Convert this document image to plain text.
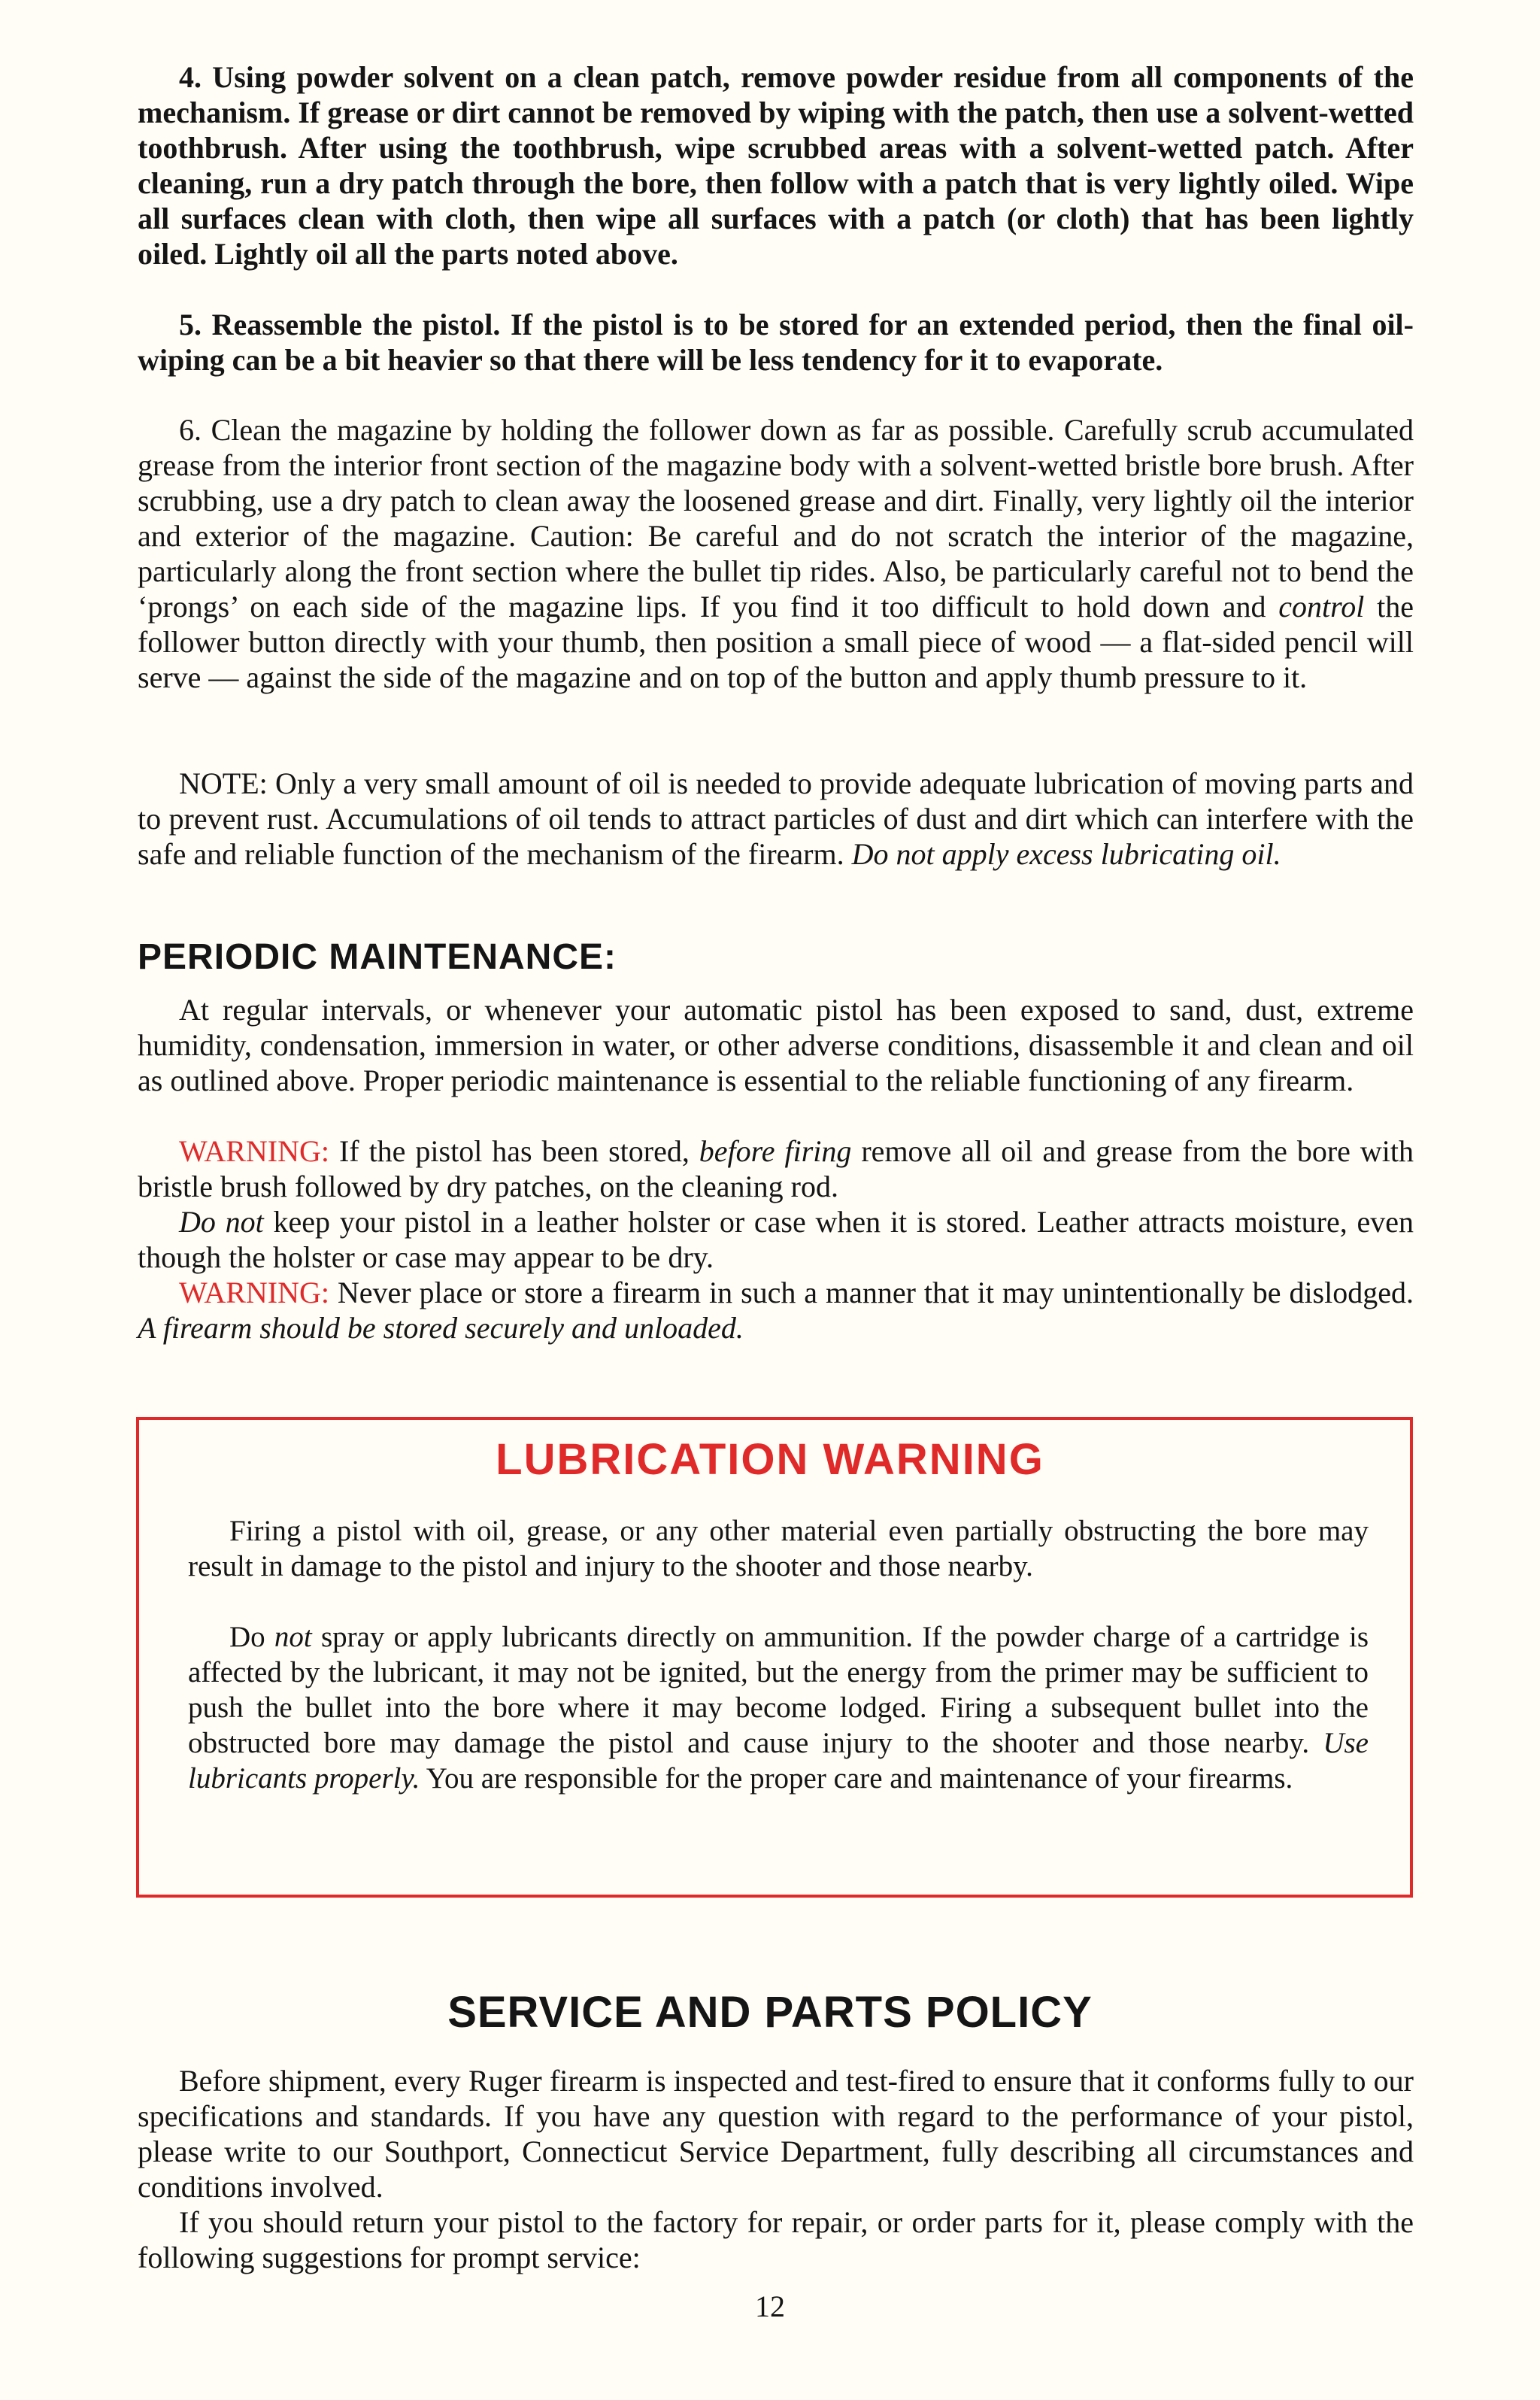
4. Using powder solvent on a clean patch, remove powder residue from all components of the mechanism. If grease or dirt cannot be removed by wiping with the patch, then use a solvent-wetted toothbrush. After using the toothbrush, wipe scrubbed areas with a solvent-wetted patch. After cleaning, run a dry patch through the bore, then follow with a patch that is very lightly oiled. Wipe all surfaces clean with cloth, then wipe all surfaces with a patch (or cloth) that has been lightly oiled. Lightly oil all the parts noted above.

5. Reassemble the pistol. If the pistol is to be stored for an extended period, then the final oil-wiping can be a bit heavier so that there will be less tendency for it to evaporate.

6. Clean the magazine by holding the follower down as far as possible. Carefully scrub accumulated grease from the interior front section of the magazine body with a solvent-wetted bristle bore brush. After scrubbing, use a dry patch to clean away the loosened grease and dirt. Finally, very lightly oil the interior and exterior of the magazine. Caution: Be careful and do not scratch the interior of the magazine, particularly along the front section where the bullet tip rides. Also, be particularly careful not to bend the ‘prongs’ on each side of the magazine lips. If you find it too difficult to hold down and control the follower button directly with your thumb, then position a small piece of wood — a flat-sided pencil will serve — against the side of the magazine and on top of the button and apply thumb pressure to it.

NOTE: Only a very small amount of oil is needed to provide adequate lubrication of moving parts and to prevent rust. Accumulations of oil tends to attract particles of dust and dirt which can interfere with the safe and reliable function of the mechanism of the firearm. Do not apply excess lubricating oil.

PERIODIC MAINTENANCE:

At regular intervals, or whenever your automatic pistol has been exposed to sand, dust, extreme humidity, condensation, immersion in water, or other adverse conditions, disassemble it and clean and oil as outlined above. Proper periodic maintenance is essential to the reliable functioning of any firearm.

WARNING: If the pistol has been stored, before firing remove all oil and grease from the bore with bristle brush followed by dry patches, on the cleaning rod.

Do not keep your pistol in a leather holster or case when it is stored. Leather attracts moisture, even though the holster or case may appear to be dry.

WARNING: Never place or store a firearm in such a manner that it may unintentionally be dislodged. A firearm should be stored securely and unloaded.

LUBRICATION WARNING

Firing a pistol with oil, grease, or any other material even partially obstructing the bore may result in damage to the pistol and injury to the shooter and those nearby.

Do not spray or apply lubricants directly on ammunition. If the powder charge of a cartridge is affected by the lubricant, it may not be ignited, but the energy from the primer may be sufficient to push the bullet into the bore where it may become lodged. Firing a subsequent bullet into the obstructed bore may damage the pistol and cause injury to the shooter and those nearby. Use lubricants properly. You are responsible for the proper care and maintenance of your firearms.

SERVICE AND PARTS POLICY

Before shipment, every Ruger firearm is inspected and test-fired to ensure that it conforms fully to our specifications and standards. If you have any question with regard to the performance of your pistol, please write to our Southport, Connecticut Service Department, fully describing all circumstances and conditions involved.

If you should return your pistol to the factory for repair, or order parts for it, please comply with the following suggestions for prompt service:

12
